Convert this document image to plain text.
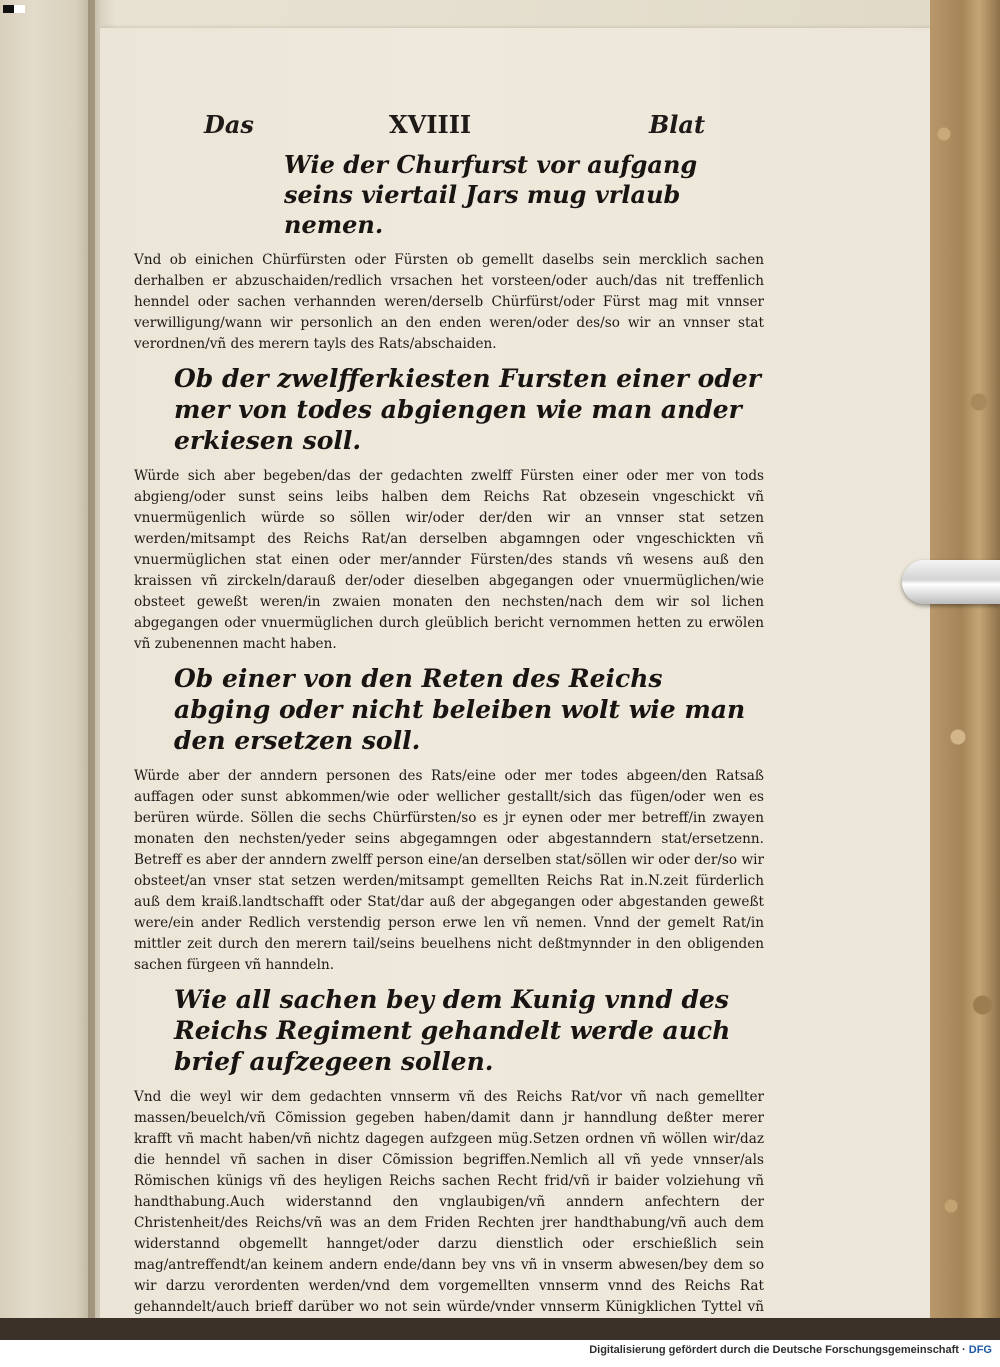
Das	XVIIII	Blat
Wie der Churfurst vor aufgang seins viertail Jars mug vrlaub nemen.

Vnd ob einichen Chürfürsten oder Fürsten ob gemellt daselbs sein mercklich sachen derhalben er abzuschaiden/redlich vrsachen het vorsteen/oder auch/das nit treffenlich henndel oder sachen verhannden weren/derselb Chürfürst/oder Fürst mag mit vnnser verwilligung/wann wir personlich an den enden weren/oder des/so wir an vnnser stat verordnen/vñ des merern tayls des Rats/abschaiden.

Ob der zwelfferkiesten Fursten einer oder mer von todes abgiengen wie man ander erkiesen soll.

Würde sich aber begeben/das der gedachten zwelff Fürsten einer oder mer von tods abgieng/oder sunst seins leibs halben dem Reichs Rat obzesein vngeschickt vñ vnuermügenlich würde so söllen wir/oder der/den wir an vnnser stat setzen werden/mitsampt des Reichs Rat/an derselben abgamngen oder vngeschickten vñ vnuermüglichen stat einen oder mer/annder Fürsten/des stands vñ wesens auß den kraissen vñ zirckeln/darauß der/oder dieselben abgegangen oder vnuermüglichen/wie obsteet geweßt weren/in zwaien monaten den nechsten/nach dem wir sol lichen abgegangen oder vnuermüglichen durch gleüblich bericht vernommen hetten zu erwölen vñ zubenennen macht haben.

Ob einer von den Reten des Reichs abging oder nicht beleiben wolt wie man den ersetzen soll.

Würde aber der anndern personen des Rats/eine oder mer todes abgeen/den Ratsaß auffagen oder sunst abkommen/wie oder wellicher gestallt/sich das fügen/oder wen es berüren würde. Söllen die sechs Chürfürsten/so es jr eynen oder mer betreff/in zwayen monaten den nechsten/yeder seins abgegamngen oder abgestanndern stat/ersetzenn. Betreff es aber der anndern zwelff person eine/an derselben stat/söllen wir oder der/so wir obsteet/an vnser stat setzen werden/mitsampt gemellten Reichs Rat in.N.zeit fürderlich auß dem kraiß.landtschafft oder Stat/dar auß der abgegangen oder abgestanden geweßt were/ein ander Redlich verstendig person erwe len vñ nemen. Vnnd der gemelt Rat/in mittler zeit durch den merern tail/seins beuelhens nicht deßtmynnder in den obligenden sachen fürgeen vñ hanndeln.

Wie all sachen bey dem Kunig vnnd des Reichs Regiment gehandelt werde auch brief aufzegeen sollen.

Vnd die weyl wir dem gedachten vnnserm vñ des Reichs Rat/vor vñ nach gemellter massen/beuelch/vñ Cõmission gegeben haben/damit dann jr hanndlung deßter merer krafft vñ macht haben/vñ nichtz dagegen aufzgeen müg.Setzen ordnen vñ wöllen wir/daz die henndel vñ sachen in diser Cõmission begriffen.Nemlich all vñ yede vnnser/als Römischen künigs vñ des heyligen Reichs sachen Recht frid/vñ ir baider volziehung vñ handthabung.Auch widerstannd den vnglaubigen/vñ anndern anfechtern der Christenheit/des Reichs/vñ was an dem Friden Rechten jrer handthabung/vñ auch dem widerstannd obgemellt hannget/oder darzu dienstlich oder erschießlich sein mag/antreffendt/an keinem andern ende/dann bey vns vñ in vnserm abwesen/bey dem so wir darzu verordenten werden/vnd dem vorgemellten vnnserm vnnd des Reichs Rat gehanndelt/auch brieff darüber wo not sein würde/vnder vnnserm Künigklichen Tyttel vñ

Digitalisierung gefördert durch die Deutsche Forschungsgemeinschaft · DFG
